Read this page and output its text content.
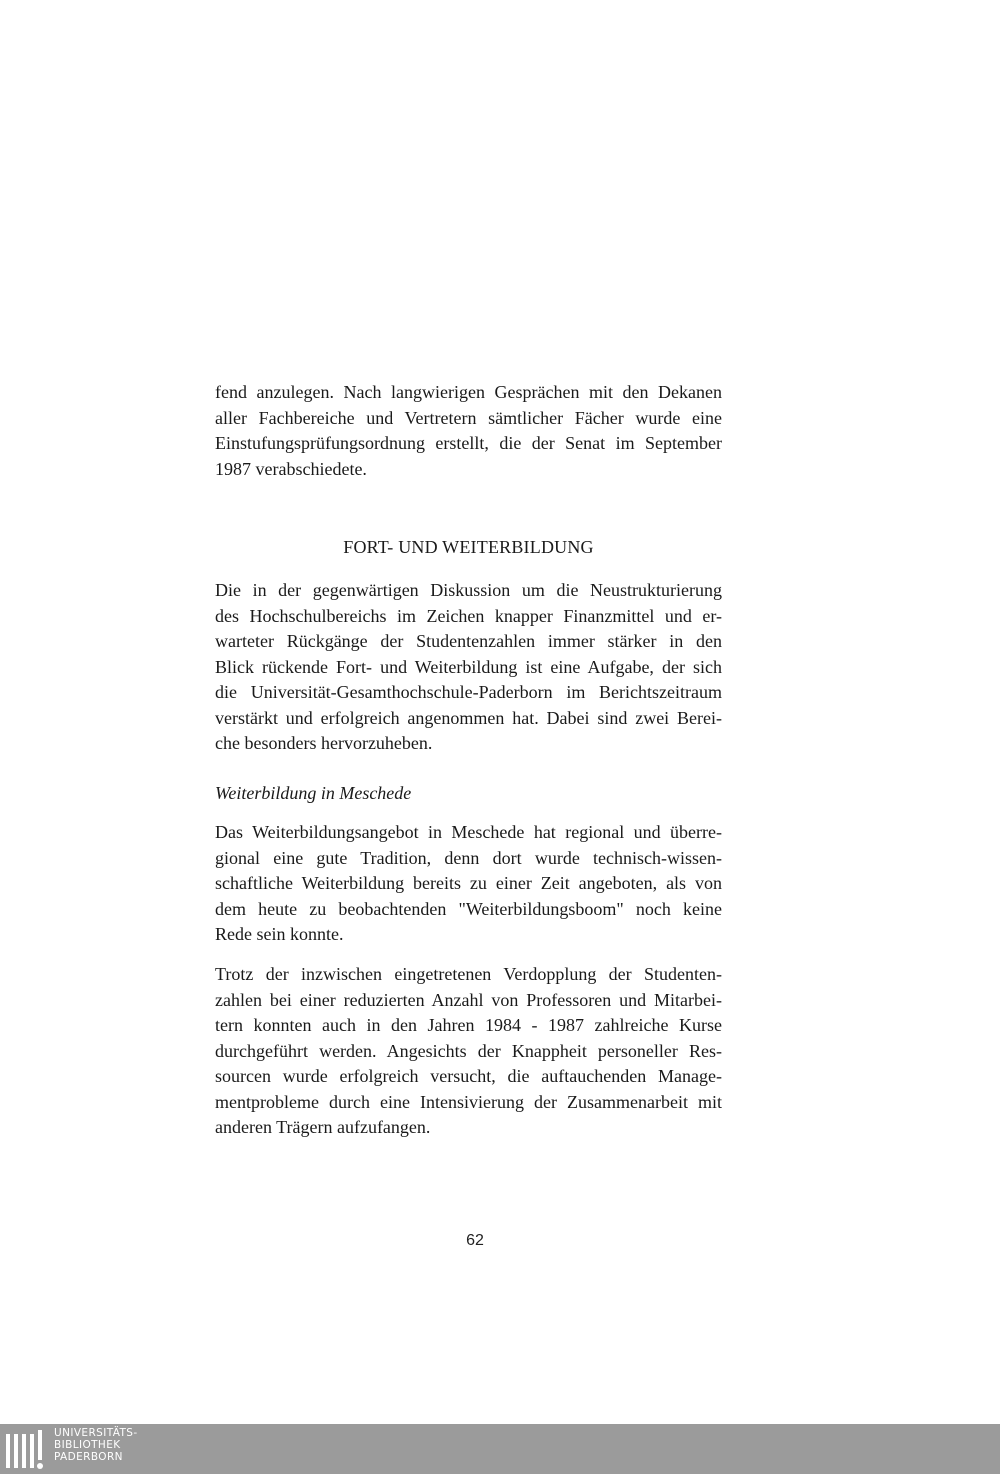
fend anzulegen. Nach langwierigen Gesprächen mit den Dekanen
aller Fachbereiche und Vertretern sämtlicher Fächer wurde eine
Einstufungsprüfungsordnung erstellt, die der Senat im September
1987 verabschiedete.

FORT- UND WEITERBILDUNG

Die in der gegenwärtigen Diskussion um die Neustrukturierung
des Hochschulbereichs im Zeichen knapper Finanzmittel und er-
warteter Rückgänge der Studentenzahlen immer stärker in den
Blick rückende Fort- und Weiterbildung ist eine Aufgabe, der sich
die Universität-Gesamthochschule-Paderborn im Berichtszeitraum
verstärkt und erfolgreich angenommen hat. Dabei sind zwei Berei-
che besonders hervorzuheben.

Weiterbildung in Meschede

Das Weiterbildungsangebot in Meschede hat regional und überre-
gional eine gute Tradition, denn dort wurde technisch-wissen-
schaftliche Weiterbildung bereits zu einer Zeit angeboten, als von
dem heute zu beobachtenden "Weiterbildungsboom" noch keine
Rede sein konnte.

Trotz der inzwischen eingetretenen Verdopplung der Studenten-
zahlen bei einer reduzierten Anzahl von Professoren und Mitarbei-
tern konnten auch in den Jahren 1984 - 1987 zahlreiche Kurse
durchgeführt werden. Angesichts der Knappheit personeller Res-
sourcen wurde erfolgreich versucht, die auftauchenden Manage-
mentprobleme durch eine Intensivierung der Zusammenarbeit mit
anderen Trägern aufzufangen.

62
UNIVERSITÄTS-
BIBLIOTHEK
PADERBORN
